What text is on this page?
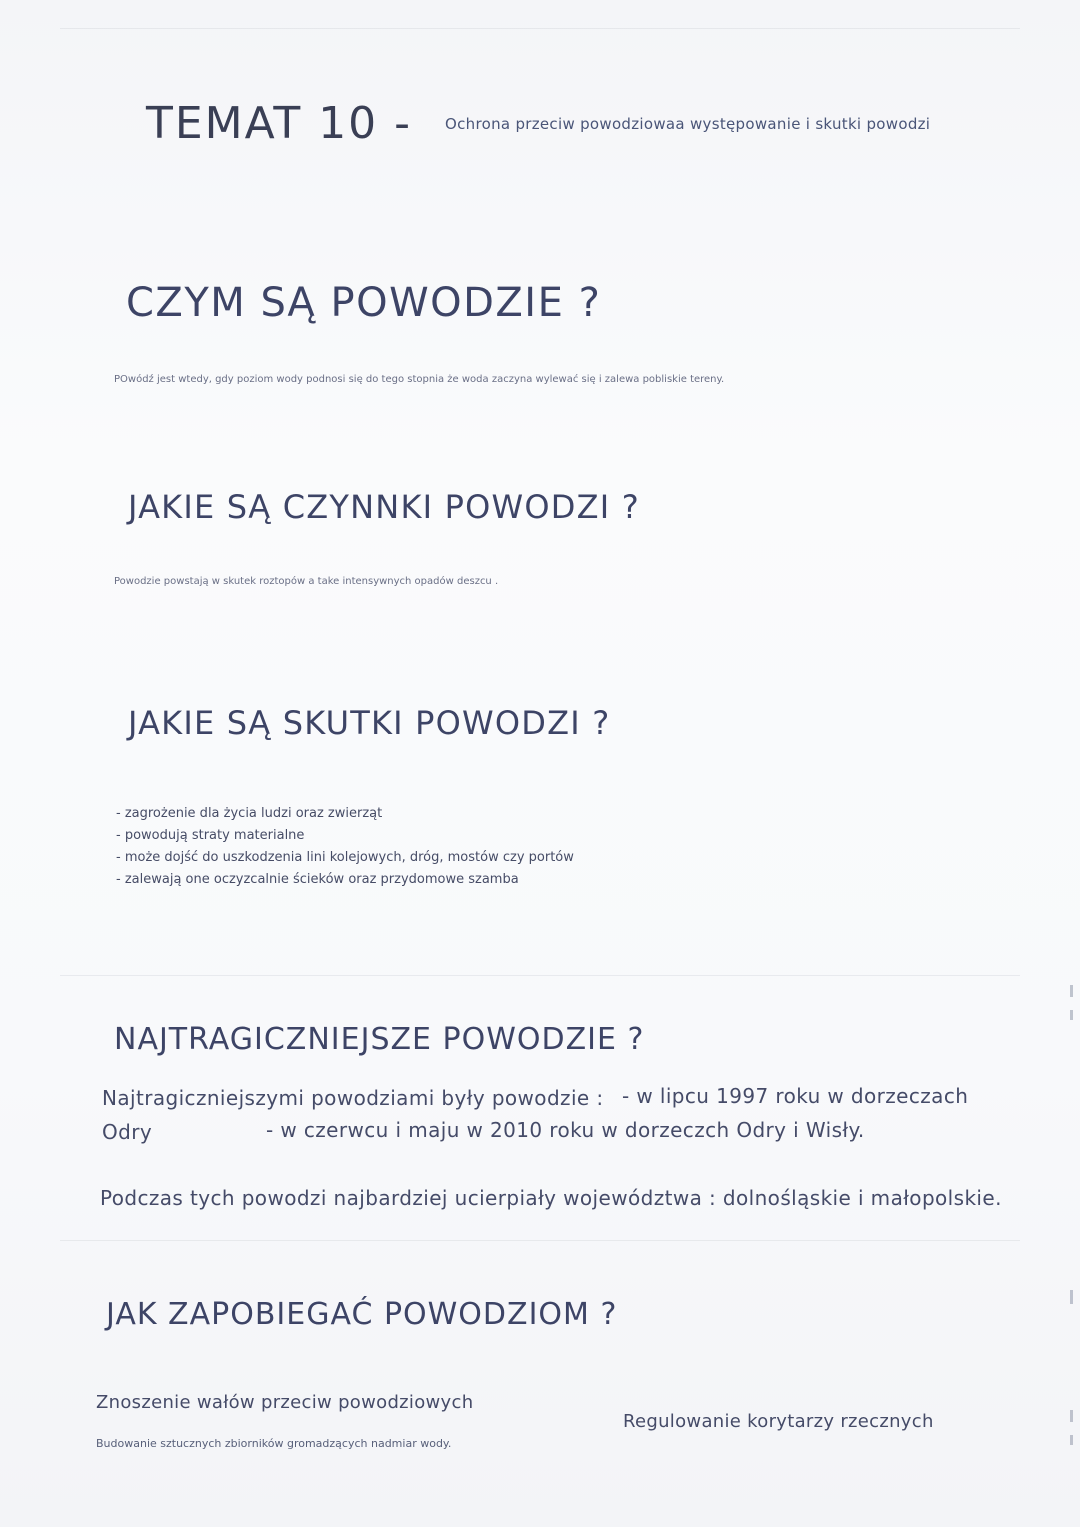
TEMAT 10 - Ochrona przeciw powodziowaa występowanie i skutki powodzi
CZYM SĄ POWODZIE ?
POwódź jest wtedy, gdy poziom wody podnosi się do tego stopnia że woda zaczyna wylewać się i zalewa pobliskie tereny.
JAKIE SĄ CZYNNKI POWODZI ?
Powodzie powstają w skutek roztopów a take intensywnych opadów deszcu .
JAKIE SĄ SKUTKI POWODZI ?
- zagrożenie dla życia ludzi oraz zwierząt
- powodują straty materialne
- może dojść do uszkodzenia lini kolejowych, dróg, mostów czy portów
- zalewają one oczyzcalnie ścieków oraz przydomowe szamba
NAJTRAGICZNIEJSZE POWODZIE ?
Najtragiczniejszymi powodziami były powodzie : - w lipcu 1997 roku w dorzeczach
Odry	- w czerwcu i maju w 2010 roku w dorzeczch Odry i Wisły.
Podczas tych powodzi najbardziej ucierpiały województwa : dolnośląskie i małopolskie.
JAK ZAPOBIEGAĆ POWODZIOM ?
Znoszenie wałów przeciw powodziowych
Budowanie sztucznych zbiorników gromadzących nadmiar wody.
Regulowanie korytarzy rzecznych
